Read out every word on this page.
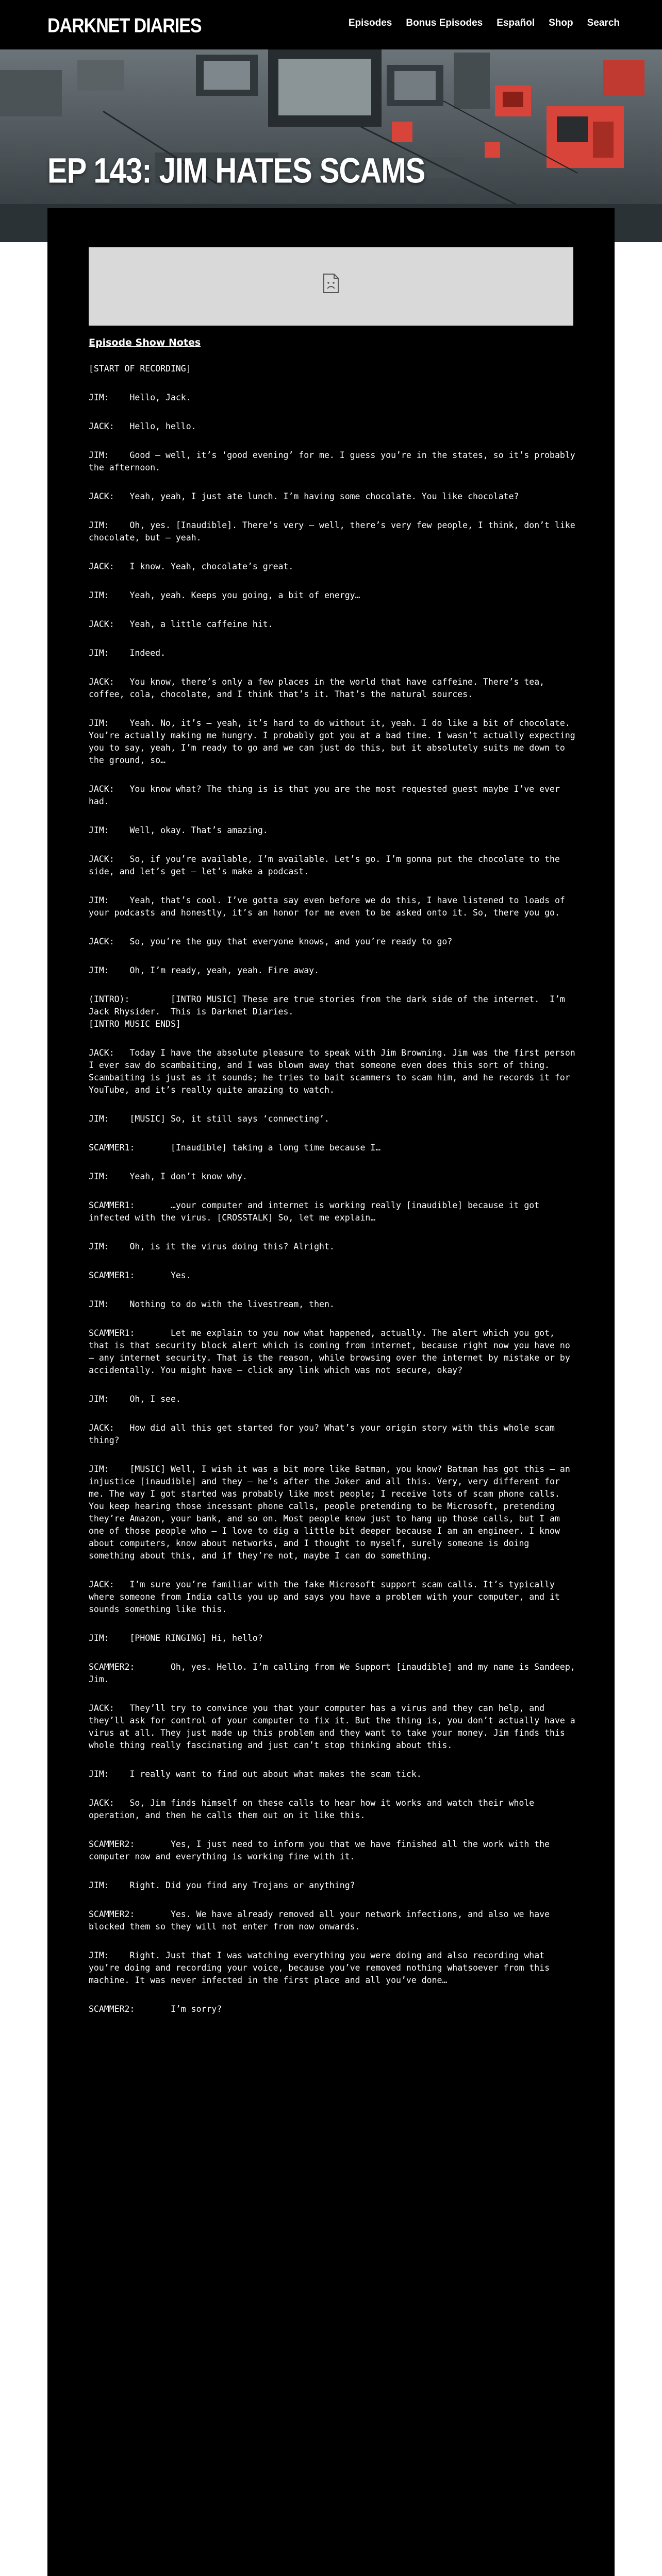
DARKNET DIARIES	Episodes Bonus Episodes Español Shop Search
EP 143: JIM HATES SCAMS
Episode Show Notes

[START OF RECORDING]

JIM:    Hello, Jack.

JACK:   Hello, hello.

JIM:    Good – well, it’s ‘good evening’ for me. I guess you’re in the states, so it’s probably the afternoon.

JACK:   Yeah, yeah, I just ate lunch. I’m having some chocolate. You like chocolate?

JIM:    Oh, yes. [Inaudible]. There’s very – well, there’s very few people, I think, don’t like chocolate, but – yeah.

JACK:   I know. Yeah, chocolate’s great.

JIM:    Yeah, yeah. Keeps you going, a bit of energy…

JACK:   Yeah, a little caffeine hit.

JIM:    Indeed.

JACK:   You know, there’s only a few places in the world that have caffeine. There’s tea, coffee, cola, chocolate, and I think that’s it. That’s the natural sources.

JIM:    Yeah. No, it’s – yeah, it’s hard to do without it, yeah. I do like a bit of chocolate. You’re actually making me hungry. I probably got you at a bad time. I wasn’t actually expecting you to say, yeah, I’m ready to go and we can just do this, but it absolutely suits me down to the ground, so…

JACK:   You know what? The thing is is that you are the most requested guest maybe I’ve ever had.

JIM:    Well, okay. That’s amazing.

JACK:   So, if you’re available, I’m available. Let’s go. I’m gonna put the chocolate to the side, and let’s get – let’s make a podcast.

JIM:    Yeah, that’s cool. I’ve gotta say even before we do this, I have listened to loads of your podcasts and honestly, it’s an honor for me even to be asked onto it. So, there you go.

JACK:   So, you’re the guy that everyone knows, and you’re ready to go?

JIM:    Oh, I’m ready, yeah, yeah. Fire away.

(INTRO):        [INTRO MUSIC] These are true stories from the dark side of the internet.  I’m Jack Rhysider.  This is Darknet Diaries.
[INTRO MUSIC ENDS]

JACK:   Today I have the absolute pleasure to speak with Jim Browning. Jim was the first person I ever saw do scambaiting, and I was blown away that someone even does this sort of thing. Scambaiting is just as it sounds; he tries to bait scammers to scam him, and he records it for YouTube, and it’s really quite amazing to watch.

JIM:    [MUSIC] So, it still says ‘connecting’.

SCAMMER1:       [Inaudible] taking a long time because I…

JIM:    Yeah, I don’t know why.

SCAMMER1:       …your computer and internet is working really [inaudible] because it got infected with the virus. [CROSSTALK] So, let me explain…

JIM:    Oh, is it the virus doing this? Alright.

SCAMMER1:       Yes.

JIM:    Nothing to do with the livestream, then.

SCAMMER1:       Let me explain to you now what happened, actually. The alert which you got, that is that security block alert which is coming from internet, because right now you have no – any internet security. That is the reason, while browsing over the internet by mistake or by accidentally. You might have – click any link which was not secure, okay?

JIM:    Oh, I see.

JACK:   How did all this get started for you? What’s your origin story with this whole scam thing?

JIM:    [MUSIC] Well, I wish it was a bit more like Batman, you know? Batman has got this – an injustice [inaudible] and they – he’s after the Joker and all this. Very, very different for me. The way I got started was probably like most people; I receive lots of scam phone calls. You keep hearing those incessant phone calls, people pretending to be Microsoft, pretending they’re Amazon, your bank, and so on. Most people know just to hang up those calls, but I am one of those people who – I love to dig a little bit deeper because I am an engineer. I know about computers, know about networks, and I thought to myself, surely someone is doing something about this, and if they’re not, maybe I can do something.

JACK:   I’m sure you’re familiar with the fake Microsoft support scam calls. It’s typically where someone from India calls you up and says you have a problem with your computer, and it sounds something like this.

JIM:    [PHONE RINGING] Hi, hello?

SCAMMER2:       Oh, yes. Hello. I’m calling from We Support [inaudible] and my name is Sandeep, Jim.

JACK:   They’ll try to convince you that your computer has a virus and they can help, and they’ll ask for control of your computer to fix it. But the thing is, you don’t actually have a virus at all. They just made up this problem and they want to take your money. Jim finds this whole thing really fascinating and just can’t stop thinking about this.

JIM:    I really want to find out about what makes the scam tick.

JACK:   So, Jim finds himself on these calls to hear how it works and watch their whole operation, and then he calls them out on it like this.

SCAMMER2:       Yes, I just need to inform you that we have finished all the work with the computer now and everything is working fine with it.

JIM:    Right. Did you find any Trojans or anything?

SCAMMER2:       Yes. We have already removed all your network infections, and also we have blocked them so they will not enter from now onwards.

JIM:    Right. Just that I was watching everything you were doing and also recording what you’re doing and recording your voice, because you’ve removed nothing whatsoever from this machine. It was never infected in the first place and all you’ve done…

SCAMMER2:       I’m sorry?
